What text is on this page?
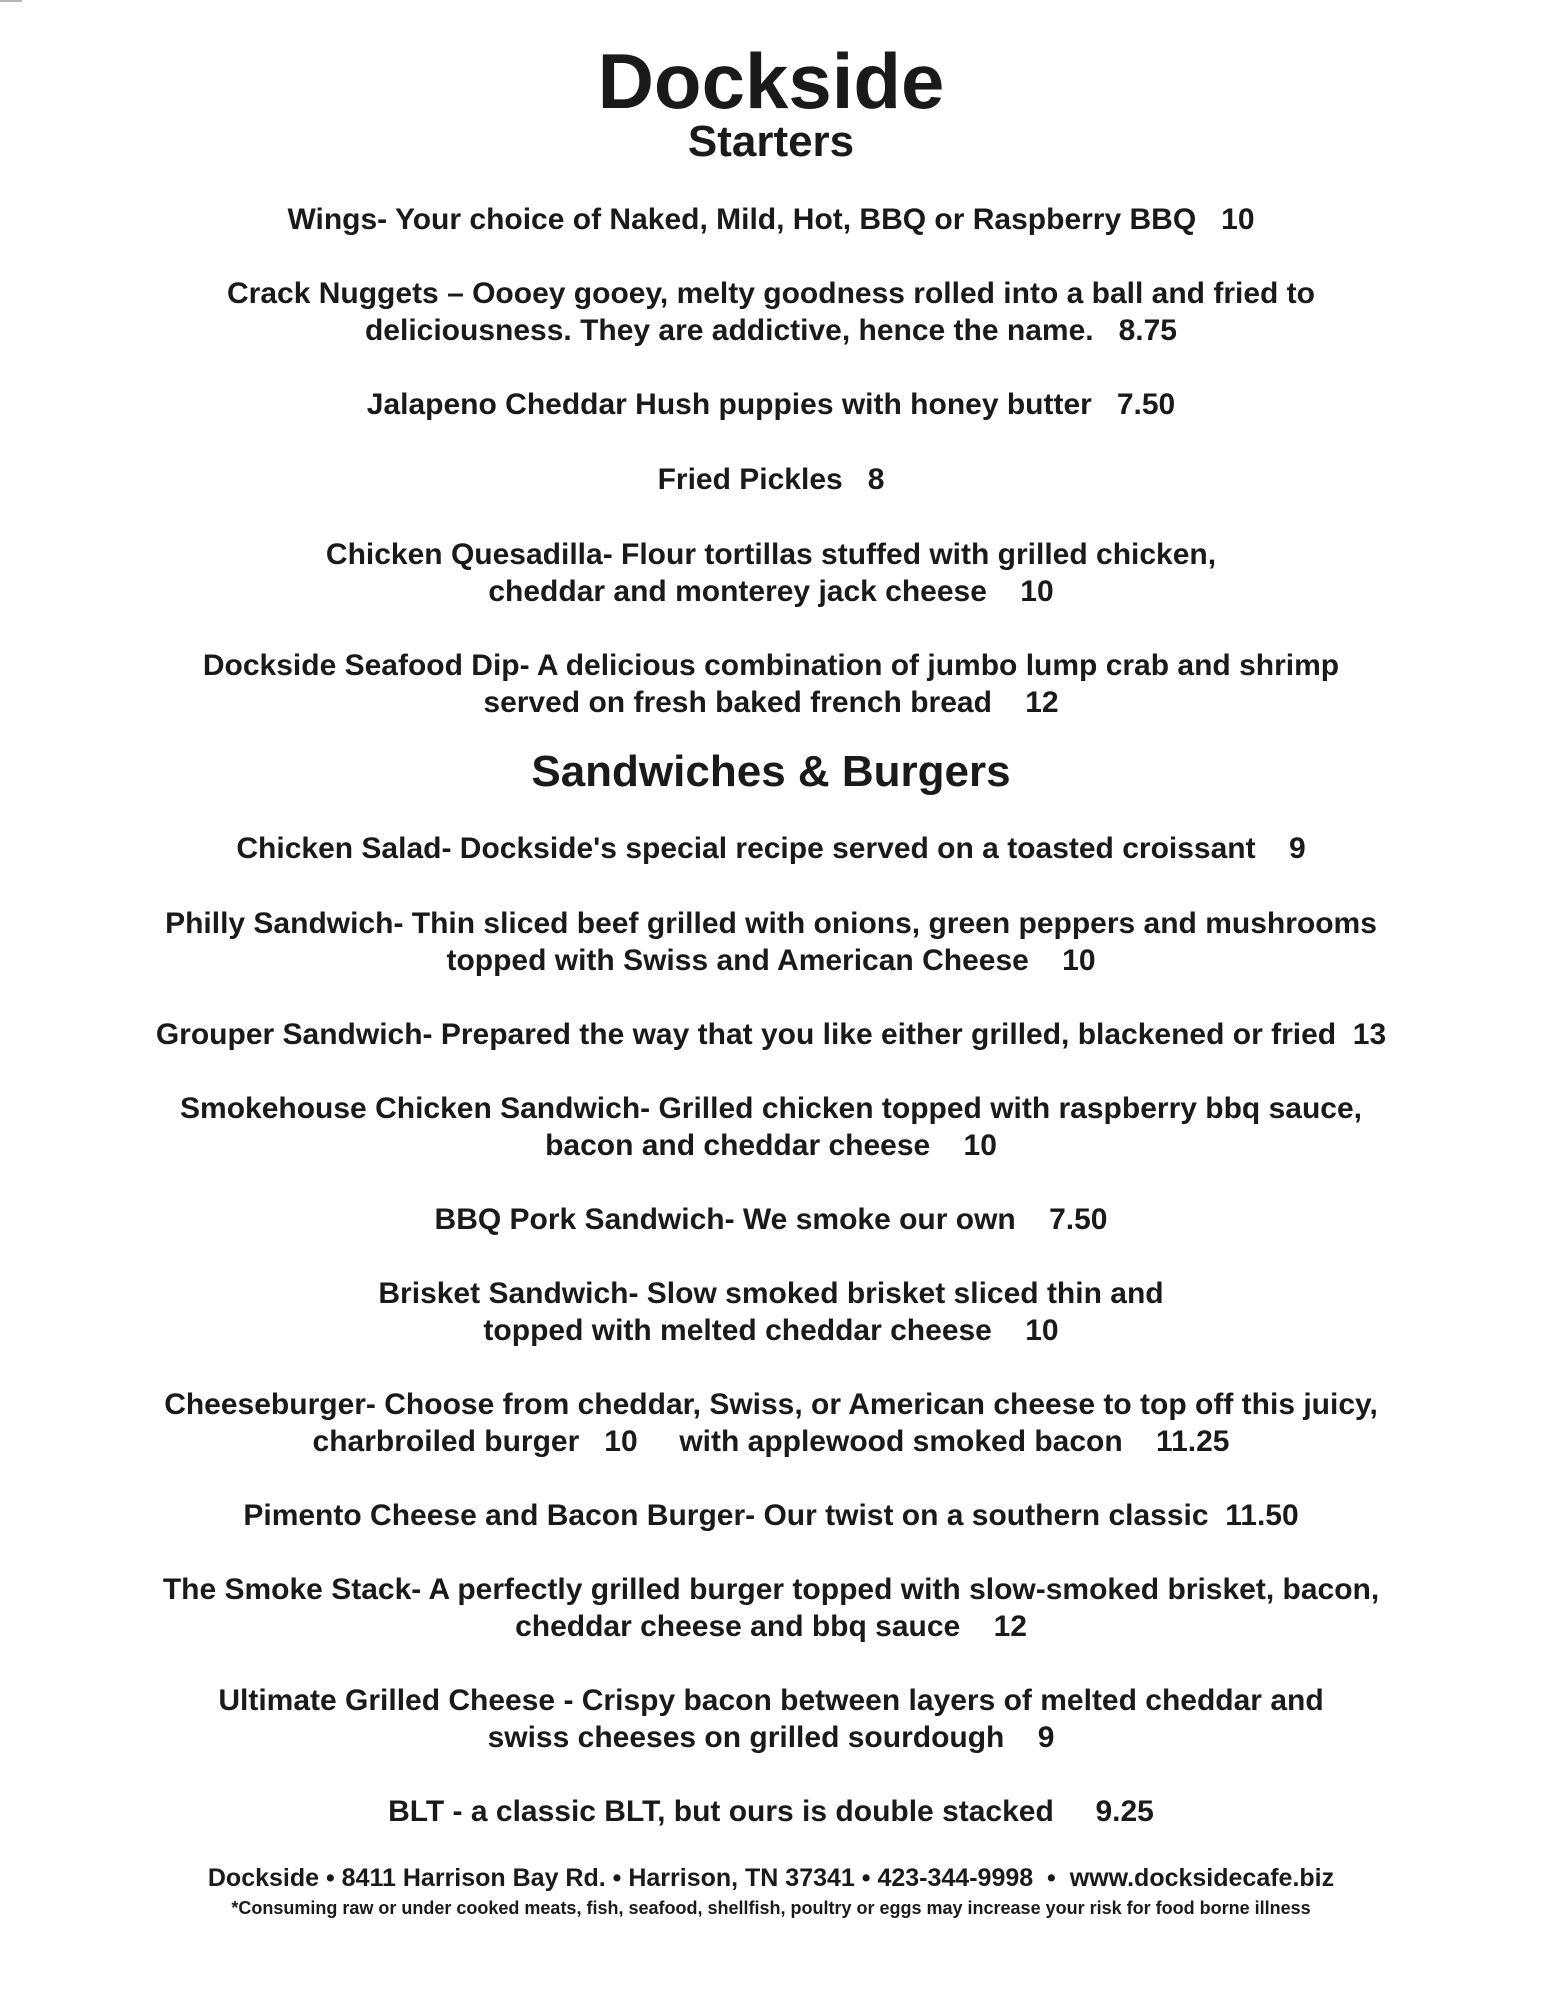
Dockside
Starters
Wings- Your choice of Naked, Mild, Hot, BBQ or Raspberry BBQ   10
Crack Nuggets – Oooey gooey, melty goodness rolled into a ball and fried to
deliciousness. They are addictive, hence the name.   8.75
Jalapeno Cheddar Hush puppies with honey butter   7.50
Fried Pickles   8
Chicken Quesadilla- Flour tortillas stuffed with grilled chicken,
cheddar and monterey jack cheese    10
Dockside Seafood Dip- A delicious combination of jumbo lump crab and shrimp
served on fresh baked french bread    12
Sandwiches & Burgers
Chicken Salad- Dockside's special recipe served on a toasted croissant    9
Philly Sandwich- Thin sliced beef grilled with onions, green peppers and mushrooms
topped with Swiss and American Cheese    10
Grouper Sandwich- Prepared the way that you like either grilled, blackened or fried  13
Smokehouse Chicken Sandwich- Grilled chicken topped with raspberry bbq sauce,
bacon and cheddar cheese    10
BBQ Pork Sandwich- We smoke our own    7.50
Brisket Sandwich- Slow smoked brisket sliced thin and
topped with melted cheddar cheese    10
Cheeseburger- Choose from cheddar, Swiss, or American cheese to top off this juicy,
charbroiled burger   10     with applewood smoked bacon    11.25
Pimento Cheese and Bacon Burger- Our twist on a southern classic  11.50
The Smoke Stack- A perfectly grilled burger topped with slow-smoked brisket, bacon,
cheddar cheese and bbq sauce    12
Ultimate Grilled Cheese - Crispy bacon between layers of melted cheddar and
swiss cheeses on grilled sourdough    9
BLT - a classic BLT, but ours is double stacked     9.25
Dockside • 8411 Harrison Bay Rd. • Harrison, TN 37341 • 423-344-9998  •  www.docksidecafe.biz
*Consuming raw or under cooked meats, fish, seafood, shellfish, poultry or eggs may increase your risk for food borne illness
